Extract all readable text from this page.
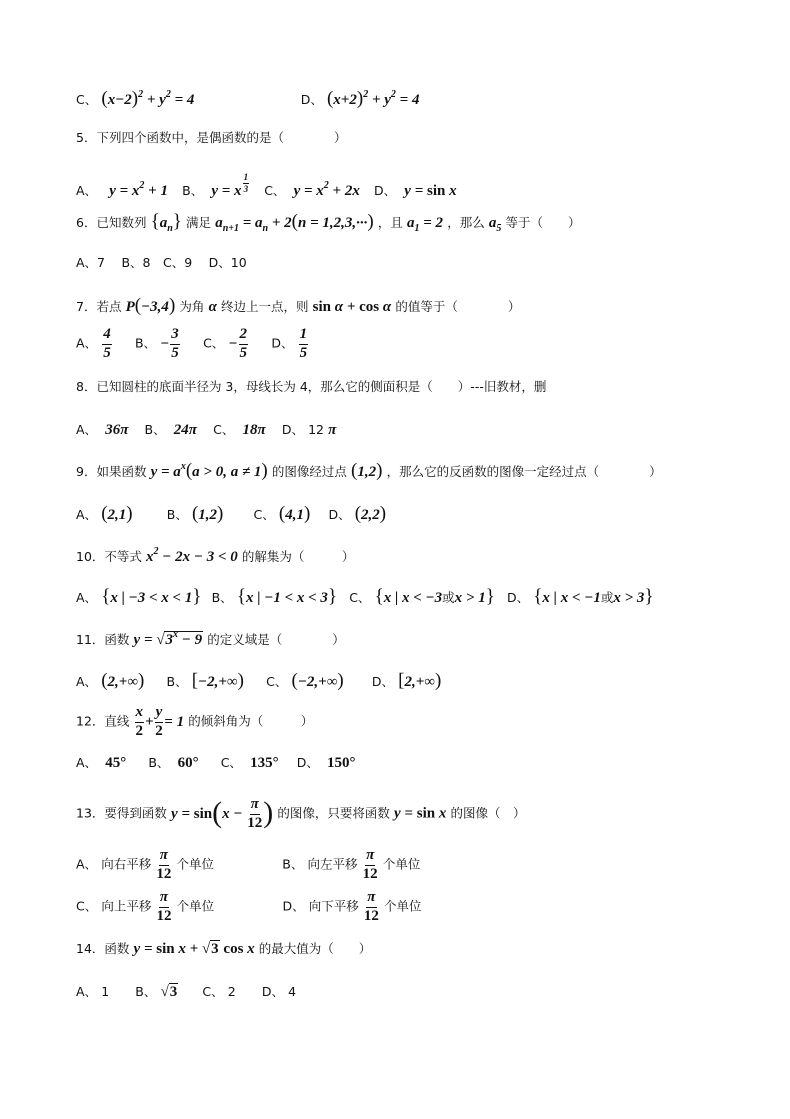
C、 $(x-2)^2 + y^2 = 4$	D、 $(x+2)^2 + y^2 = 4$
5．下列四个函数中，是偶函数的是（　　　　）
A、 $y = x^2 + 1$ B、 y = x $^{\frac{1}{3}}$ C、 $y = x^2 + 2x$ D、 y = sin x
6．已知数列 $\{a_n\}$ 满足 $a_{n+1} = a_n + 2(n = 1,2,3,\cdot\cdot\cdot)$ ，且 $a_1 = 2$ ，那么 $a_5$ 等于（　　）
A、7　 B、8　C、9　 D、10
7．若点 P(−3,4) 为角 α 终边上一点，则 sin α + cos α 的值等于（　　　　）
A、 $\frac{4}{5}$ B、 − $\frac{3}{5}$ C、 − $\frac{2}{5}$ D、 $\frac{1}{5}$
8．已知圆柱的底面半径为 3，母线长为 4，那么它的侧面积是（　　）---旧教材，删
A、 36π B、 24π C、 18π D、 12 π
9．如果函数 $y = a^x(a > 0$, a ≠ 1) 的图像经过点 (1,2) ，那么它的反函数的图像一定经过点（　　　　）
A、 (2,1)	B、 (1,2) C、 (4,1) D、 (2,2)
10．不等式 $x^2 - 2x - 3 < 0$ 的解集为（　　　）
A、 {x | −3 < x < 1} B、 {x | −1 < x < 3} C、 {x | x < −3或x > 1} D、 {x | x < −1或x > 3}
11．函数 $y = √3^x - 9$ 的定义域是（　　　　）
A、 (2,+∞) B、 [−2,+∞) C、 (−2,+∞) D、 [2,+∞)
12．直线 $\frac{x}{2} + \frac{y}{2} = 1$ 的倾斜角为（　　　）
A、 45° B、 60° C、 135° D、 150°
13．要得到函数 $y = \sin(x - \frac{\pi}{12}$ ) 的图像，只要将函数 y = sin x 的图像（　）
A、 向右平移 $\frac{\pi}{12}$ 个单位	B、 向左平移 $\frac{\pi}{12}$ 个单位
C、 向上平移 $\frac{\pi}{12}$ 个单位	D、 向下平移 $\frac{\pi}{12}$ 个单位
14．函数 y = sin x + √3 cos x 的最大值为（　　）
A、 1 B、 √3 C、 2 D、 4
